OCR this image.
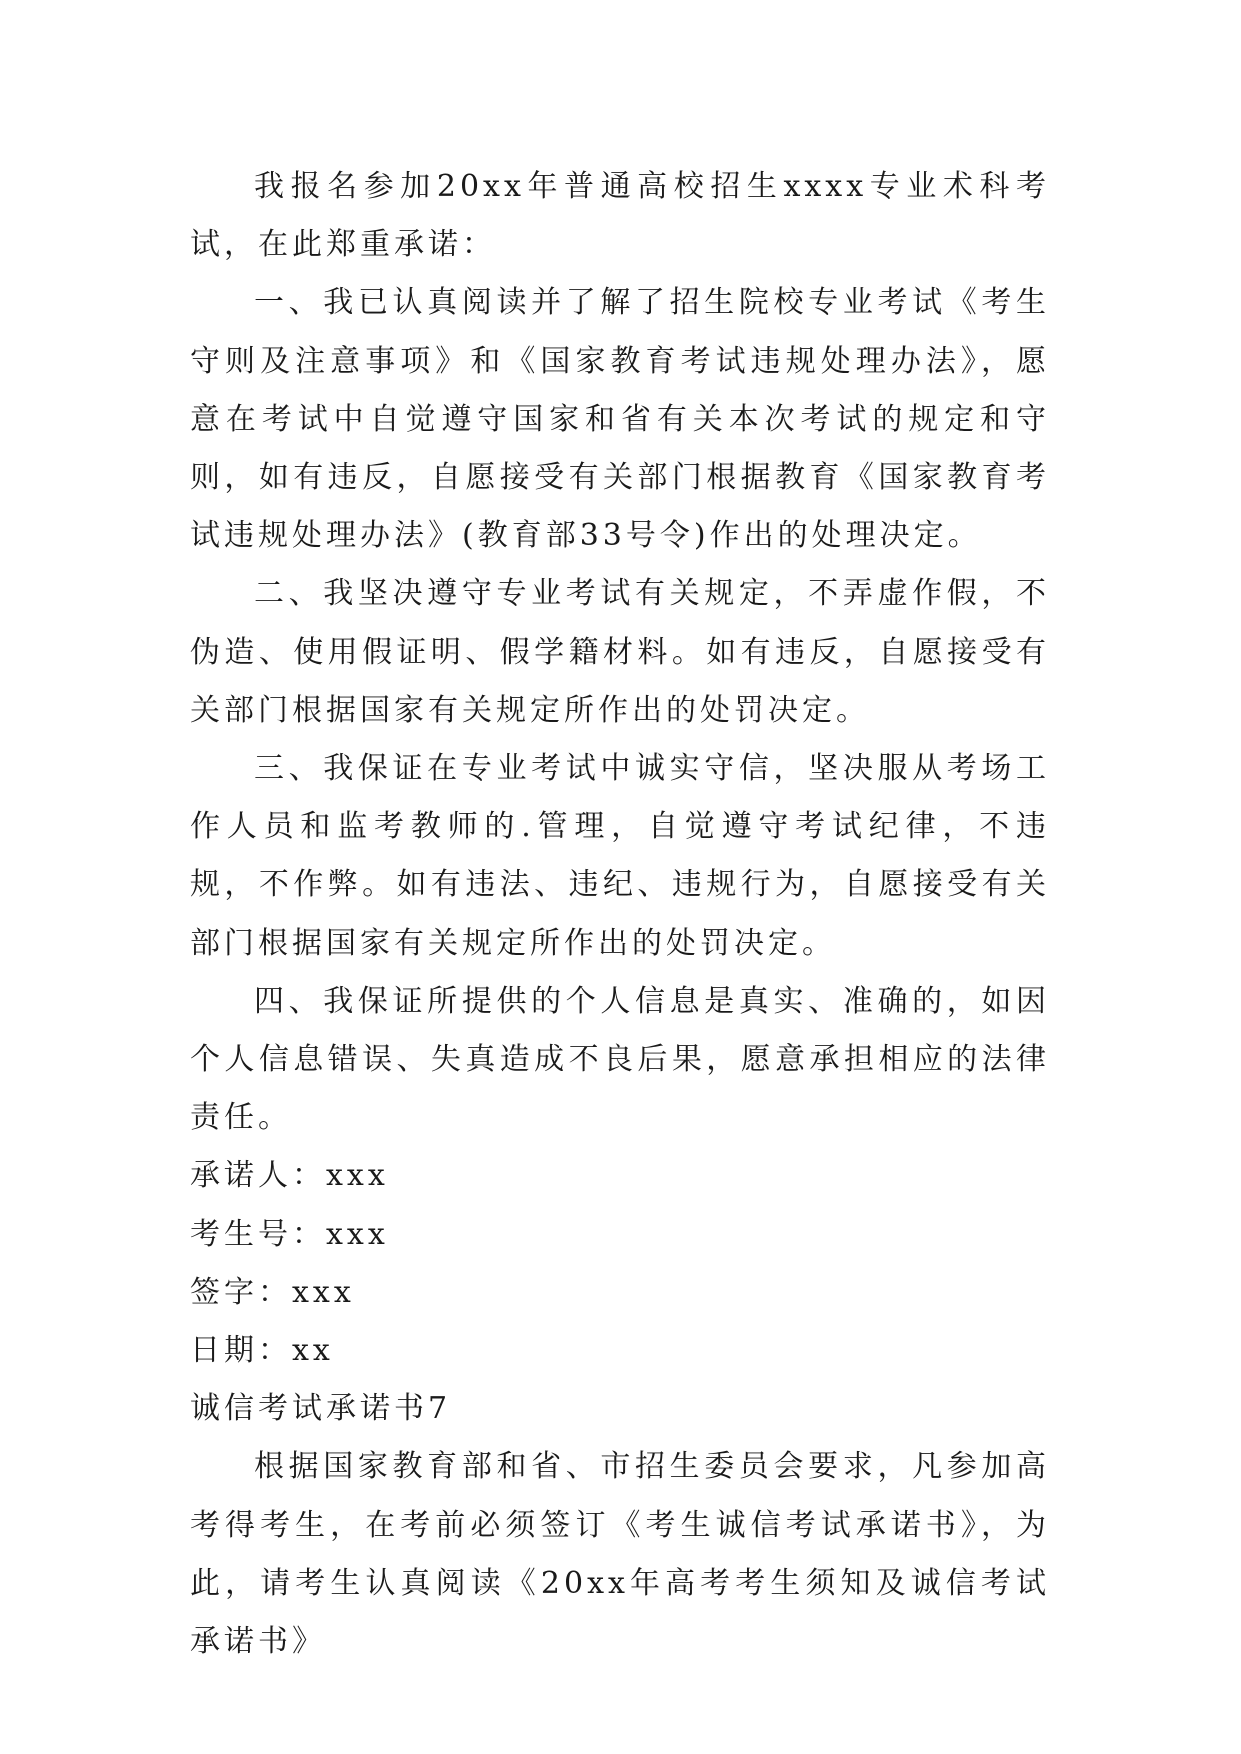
我报名参加20xx年普通高校招生xxxx专业术科考试，在此郑重承诺：

一、我已认真阅读并了解了招生院校专业考试《考生守则及注意事项》和《国家教育考试违规处理办法》，愿意在考试中自觉遵守国家和省有关本次考试的规定和守则，如有违反，自愿接受有关部门根据教育《国家教育考试违规处理办法》(教育部33号令)作出的处理决定。

二、我坚决遵守专业考试有关规定，不弄虚作假，不伪造、使用假证明、假学籍材料。如有违反，自愿接受有关部门根据国家有关规定所作出的处罚决定。

三、我保证在专业考试中诚实守信，坚决服从考场工作人员和监考教师的.管理，自觉遵守考试纪律，不违规，不作弊。如有违法、违纪、违规行为，自愿接受有关部门根据国家有关规定所作出的处罚决定。

四、我保证所提供的个人信息是真实、准确的，如因个人信息错误、失真造成不良后果，愿意承担相应的法律责任。

承诺人：xxx

考生号：xxx

签字：xxx

日期：xx

诚信考试承诺书7

根据国家教育部和省、市招生委员会要求，凡参加高考得考生，在考前必须签订《考生诚信考试承诺书》，为此，请考生认真阅读《20xx年高考考生须知及诚信考试承诺书》
